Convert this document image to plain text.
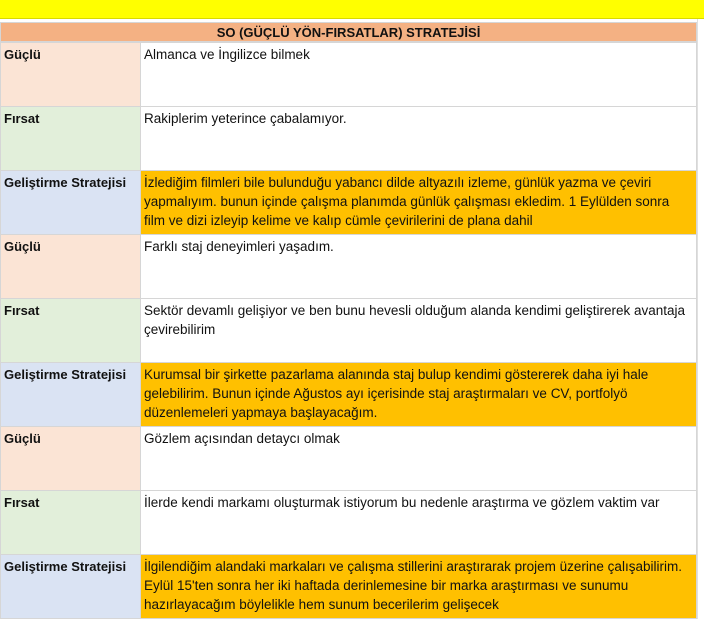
SO (GÜÇLÜ YÖN-FIRSATLAR) STRATEJİSİ
Güçlü	Almanca ve İngilizce bilmek
Fırsat	Rakiplerim yeterince çabalamıyor.
Geliştirme Stratejisi	İzlediğim filmleri bile bulunduğu yabancı dilde altyazılı izleme, günlük yazma ve çeviri yapmalıyım. bunun içinde çalışma planımda günlük çalışması ekledim. 1 Eylülden sonra film ve dizi izleyip kelime ve kalıp cümle çevirilerini de plana dahil
Güçlü	Farklı staj deneyimleri yaşadım.
Fırsat	Sektör devamlı gelişiyor ve ben bunu hevesli olduğum alanda kendimi geliştirerek avantaja çevirebilirim
Geliştirme Stratejisi	Kurumsal bir şirkette pazarlama alanında staj bulup kendimi göstererek daha iyi hale gelebilirim. Bunun içinde Ağustos ayı içerisinde staj araştırmaları ve CV, portfolyö düzenlemeleri yapmaya başlayacağım.
Güçlü	Gözlem açısından detaycı olmak
Fırsat	İlerde kendi markamı oluşturmak istiyorum bu nedenle araştırma ve gözlem vaktim var
Geliştirme Stratejisi	İlgilendiğim alandaki markaları ve çalışma stillerini araştırarak projem üzerine çalışabilirim. Eylül 15'ten sonra her iki haftada derinlemesine bir marka araştırması ve sunumu hazırlayacağım böylelikle hem sunum becerilerim gelişecek
